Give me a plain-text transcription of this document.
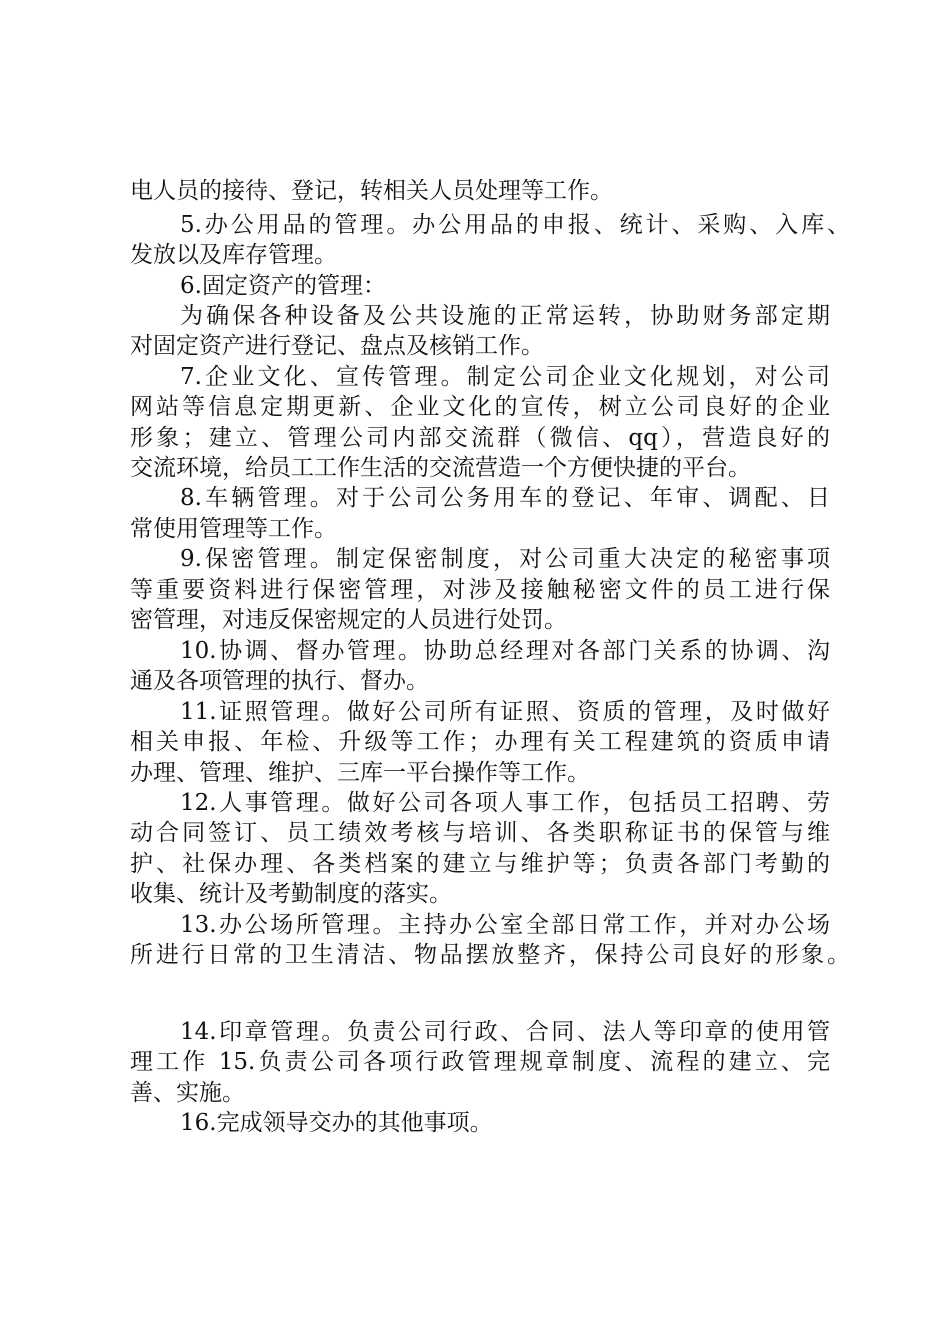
电人员的接待、登记，转相关人员处理等工作。
5.办公用品的管理。办公用品的申报、统计、采购、入库、
发放以及库存管理。
6.固定资产的管理：
为确保各种设备及公共设施的正常运转，协助财务部定期
对固定资产进行登记、盘点及核销工作。
7.企业文化、宣传管理。制定公司企业文化规划，对公司
网站等信息定期更新、企业文化的宣传，树立公司良好的企业
形象；建立、管理公司内部交流群（微信、qq），营造良好的
交流环境，给员工工作生活的交流营造一个方便快捷的平台。
8.车辆管理。对于公司公务用车的登记、年审、调配、日
常使用管理等工作。
9.保密管理。制定保密制度，对公司重大决定的秘密事项
等重要资料进行保密管理，对涉及接触秘密文件的员工进行保
密管理，对违反保密规定的人员进行处罚。
10.协调、督办管理。协助总经理对各部门关系的协调、沟
通及各项管理的执行、督办。
11.证照管理。做好公司所有证照、资质的管理，及时做好
相关申报、年检、升级等工作；办理有关工程建筑的资质申请
办理、管理、维护、三库一平台操作等工作。
12.人事管理。做好公司各项人事工作，包括员工招聘、劳
动合同签订、员工绩效考核与培训、各类职称证书的保管与维
护、社保办理、各类档案的建立与维护等；负责各部门考勤的
收集、统计及考勤制度的落实。
13.办公场所管理。主持办公室全部日常工作，并对办公场
所进行日常的卫生清洁、物品摆放整齐，保持公司良好的形象。
14.印章管理。负责公司行政、合同、法人等印章的使用管
理工作 15.负责公司各项行政管理规章制度、流程的建立、完
善、实施。
16.完成领导交办的其他事项。
